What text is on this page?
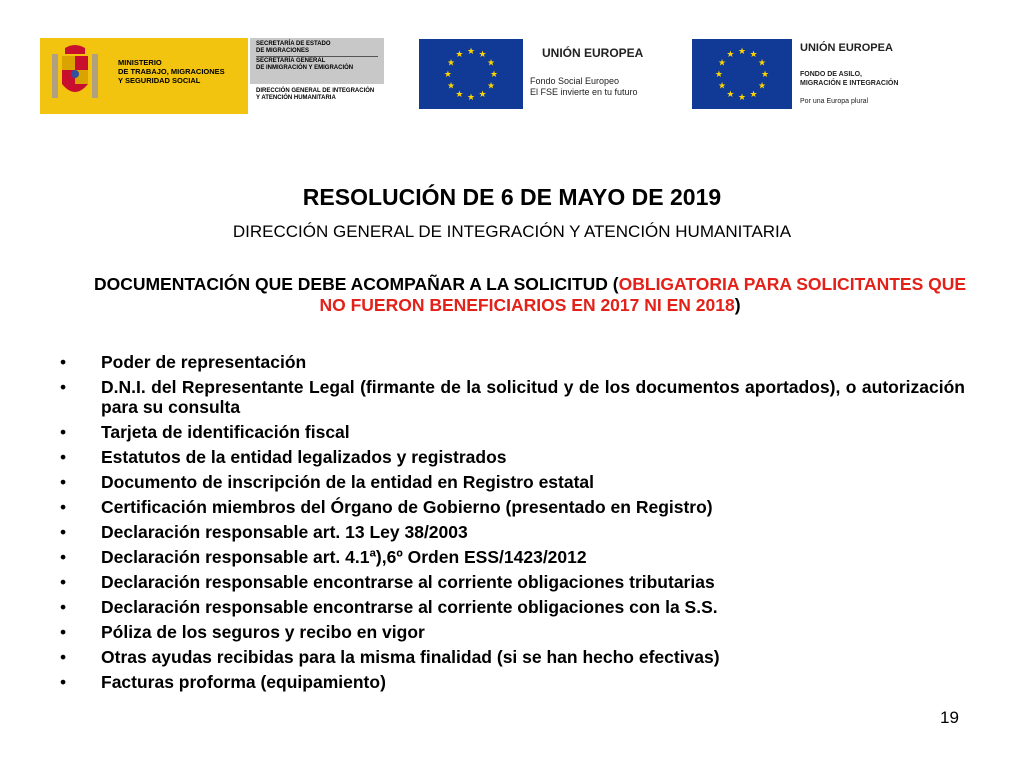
MINISTERIO
DE TRABAJO, MIGRACIONES
Y SEGURIDAD SOCIAL
SECRETARÍA DE ESTADO
DE MIGRACIONES
SECRETARÍA GENERAL
DE INMIGRACIÓN Y EMIGRACIÓN
DIRECCIÓN GENERAL DE INTEGRACIÓN
Y ATENCIÓN HUMANITARIA
★ ★
★
★
★
★
★
★
★
★
★
★	UNIÓN EUROPEA
Fondo Social Europeo
El FSE invierte en tu futuro
★ ★
★
★
★
★
★
★
★
★
★
★	UNIÓN EUROPEA
FONDO DE ASILO,
MIGRACIÓN E INTEGRACIÓN
Por una Europa plural
RESOLUCIÓN DE 6 DE MAYO DE 2019
DIRECCIÓN GENERAL DE INTEGRACIÓN Y ATENCIÓN HUMANITARIA
DOCUMENTACIÓN QUE DEBE ACOMPAÑAR A LA SOLICITUD (OBLIGATORIA PARA SOLICITANTES QUE NO FUERON BENEFICIARIOS EN 2017 NI EN 2018)
• Poder de representación
• D.N.I. del Representante Legal (firmante de la solicitud y de los documentos aportados), o autorización para su consulta
• Tarjeta de identificación fiscal
• Estatutos de la entidad legalizados y registrados
• Documento de inscripción de la entidad en Registro estatal
• Certificación miembros del Órgano de Gobierno (presentado en Registro)
• Declaración responsable art. 13 Ley 38/2003
• Declaración responsable art. 4.1ª),6º Orden ESS/1423/2012
• Declaración responsable encontrarse al corriente obligaciones tributarias
• Declaración responsable encontrarse al corriente obligaciones con la S.S.
• Póliza de los seguros y recibo en vigor
• Otras ayudas recibidas para la misma finalidad (si se han hecho efectivas)
• Facturas proforma (equipamiento)
19
